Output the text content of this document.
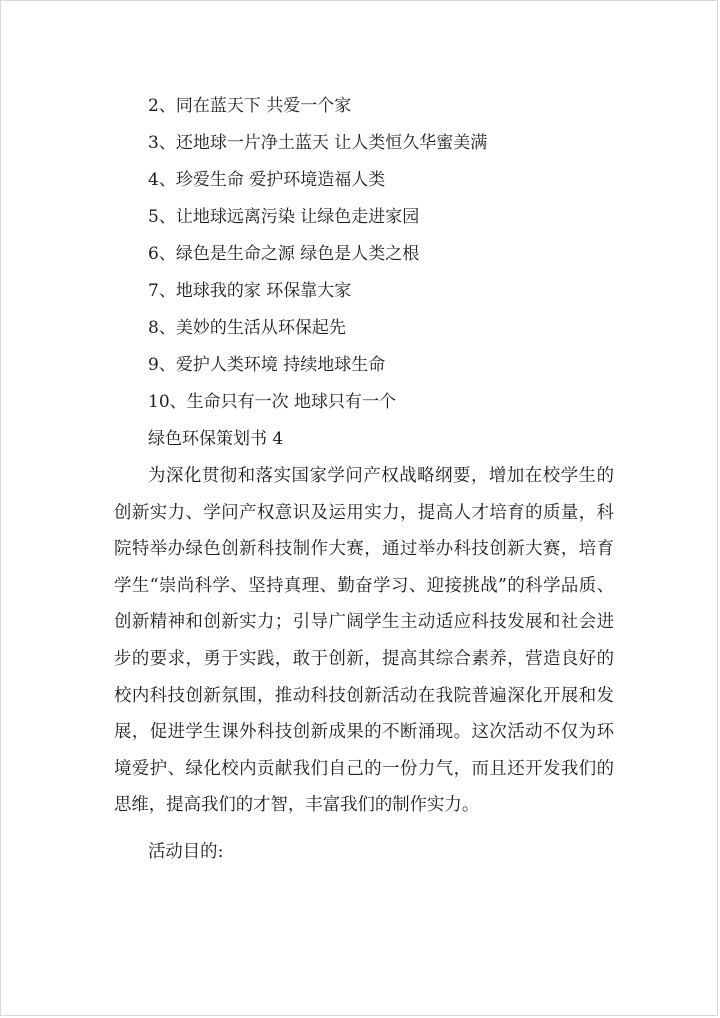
2、同在蓝天下 共爱一个家
3、还地球一片净土蓝天 让人类恒久华蜜美满
4、珍爱生命 爱护环境造福人类
5、让地球远离污染 让绿色走进家园
6、绿色是生命之源 绿色是人类之根
7、地球我的家 环保靠大家
8、美妙的生活从环保起先
9、爱护人类环境 持续地球生命
10、生命只有一次 地球只有一个
绿色环保策划书 4

为深化贯彻和落实国家学问产权战略纲要，增加在校学生的创新实力、学问产权意识及运用实力，提高人才培育的质量，科院特举办绿色创新科技制作大赛，通过举办科技创新大赛，培育学生“崇尚科学、坚持真理、勤奋学习、迎接挑战”的科学品质、创新精神和创新实力；引导广阔学生主动适应科技发展和社会进步的要求，勇于实践，敢于创新，提高其综合素养，营造良好的校内科技创新氛围，推动科技创新活动在我院普遍深化开展和发展，促进学生课外科技创新成果的不断涌现。这次活动不仅为环境爱护、绿化校内贡献我们自己的一份力气，而且还开发我们的思维，提高我们的才智，丰富我们的制作实力。

活动目的:
